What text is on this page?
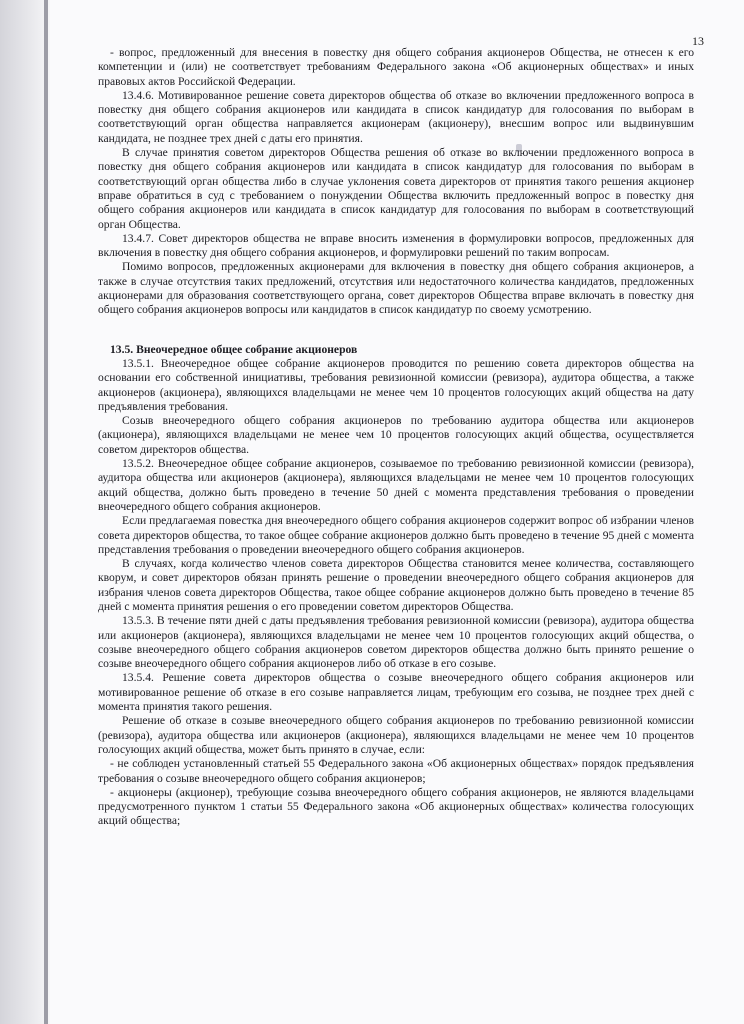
13

- вопрос, предложенный для внесения в повестку дня общего собрания акционеров Общества, не отнесен к его компетенции и (или) не соответствует требованиям Федерального закона «Об акционерных обществах» и иных правовых актов Российской Федерации.

13.4.6. Мотивированное решение совета директоров общества об отказе во включении предложенного вопроса в повестку дня общего собрания акционеров или кандидата в список кандидатур для голосования по выборам в соответствующий орган общества направляется акционерам (акционеру), внесшим вопрос или выдвинувшим кандидата, не позднее трех дней с даты его принятия.

В случае принятия советом директоров Общества решения об отказе во включении предложенного вопроса в повестку дня общего собрания акционеров или кандидата в список кандидатур для голосования по выборам в соответствующий орган общества либо в случае уклонения совета директоров от принятия такого решения акционер вправе обратиться в суд с требованием о понуждении Общества включить предложенный вопрос в повестку дня общего собрания акционеров или кандидата в список кандидатур для голосования по выборам в соответствующий орган Общества.

13.4.7. Совет директоров общества не вправе вносить изменения в формулировки вопросов, предложенных для включения в повестку дня общего собрания акционеров, и формулировки решений по таким вопросам.

Помимо вопросов, предложенных акционерами для включения в повестку дня общего собрания акционеров, а также в случае отсутствия таких предложений, отсутствия или недостаточного количества кандидатов, предложенных акционерами для образования соответствующего органа, совет директоров Общества вправе включать в повестку дня общего собрания акционеров вопросы или кандидатов в список кандидатур по своему усмотрению.

13.5. Внеочередное общее собрание акционеров

13.5.1. Внеочередное общее собрание акционеров проводится по решению совета директоров общества на основании его собственной инициативы, требования ревизионной комиссии (ревизора), аудитора общества, а также акционеров (акционера), являющихся владельцами не менее чем 10 процентов голосующих акций общества на дату предъявления требования.

Созыв внеочередного общего собрания акционеров по требованию аудитора общества или акционеров (акционера), являющихся владельцами не менее чем 10 процентов голосующих акций общества, осуществляется советом директоров общества.

13.5.2. Внеочередное общее собрание акционеров, созываемое по требованию ревизионной комиссии (ревизора), аудитора общества или акционеров (акционера), являющихся владельцами не менее чем 10 процентов голосующих акций общества, должно быть проведено в течение 50 дней с момента представления требования о проведении внеочередного общего собрания акционеров.

Если предлагаемая повестка дня внеочередного общего собрания акционеров содержит вопрос об избрании членов совета директоров общества, то такое общее собрание акционеров должно быть проведено в течение 95 дней с момента представления требования о проведении внеочередного общего собрания акционеров.

В случаях, когда количество членов совета директоров Общества становится менее количества, составляющего кворум, и совет директоров обязан принять решение о проведении внеочередного общего собрания акционеров для избрания членов совета директоров Общества, такое общее собрание акционеров должно быть проведено в течение 85 дней с момента принятия решения о его проведении советом директоров Общества.

13.5.3. В течение пяти дней с даты предъявления требования ревизионной комиссии (ревизора), аудитора общества или акционеров (акционера), являющихся владельцами не менее чем 10 процентов голосующих акций общества, о созыве внеочередного общего собрания акционеров советом директоров общества должно быть принято решение о созыве внеочередного общего собрания акционеров либо об отказе в его созыве.

13.5.4. Решение совета директоров общества о созыве внеочередного общего собрания акционеров или мотивированное решение об отказе в его созыве направляется лицам, требующим его созыва, не позднее трех дней с момента принятия такого решения.

Решение об отказе в созыве внеочередного общего собрания акционеров по требованию ревизионной комиссии (ревизора), аудитора общества или акционеров (акционера), являющихся владельцами не менее чем 10 процентов голосующих акций общества, может быть принято в случае, если:

- не соблюден установленный статьей 55 Федерального закона «Об акционерных обществах» порядок предъявления требования о созыве внеочередного общего собрания акционеров;

- акционеры (акционер), требующие созыва внеочередного общего собрания акционеров, не являются владельцами предусмотренного пунктом 1 статьи 55 Федерального закона «Об акционерных обществах» количества голосующих акций общества;
